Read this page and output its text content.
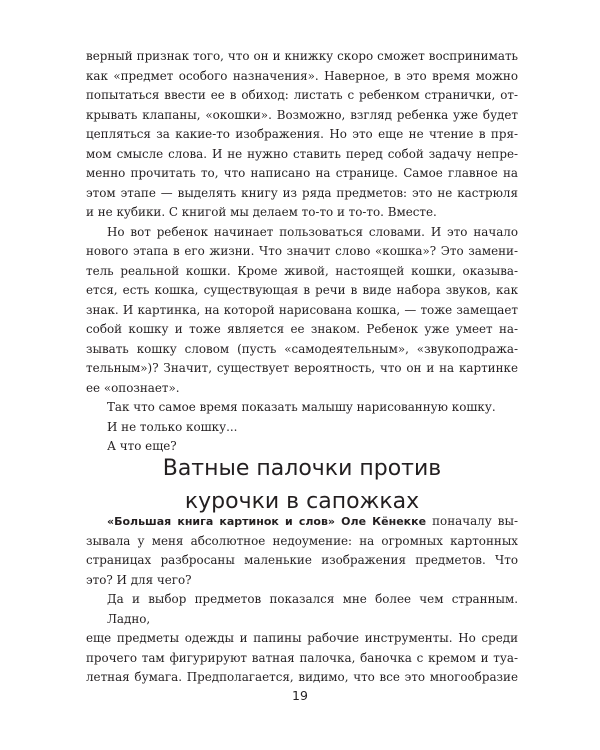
верный признак того, что он и книжку скоро сможет воспринимать
как «предмет особого назначения». Наверное, в это время можно
попытаться ввести ее в обиход: листать с ребенком странички, от-
крывать клапаны, «окошки». Возможно, взгляд ребенка уже будет
цепляться за какие-то изображения. Но это еще не чтение в пря-
мом смысле слова. И не нужно ставить перед собой задачу непре-
менно прочитать то, что написано на странице. Самое главное на
этом этапе — выделять книгу из ряда предметов: это не кастрюля
и не кубики. С книгой мы делаем то-то и то-то. Вместе.
Но вот ребенок начинает пользоваться словами. И это начало
нового этапа в его жизни. Что значит слово «кошка»? Это замени-
тель реальной кошки. Кроме живой, настоящей кошки, оказыва-
ется, есть кошка, существующая в речи в виде набора звуков, как
знак. И картинка, на которой нарисована кошка, — тоже замещает
собой кошку и тоже является ее знаком. Ребенок уже умеет на-
зывать кошку словом (пусть «самодеятельным», «звукоподража-
тельным»)? Значит, существует вероятность, что он и на картинке
ее «опознает».
Так что самое время показать малышу нарисованную кошку.
И не только кошку...
А что еще?
Ватные палочки против
курочки в сапожках
«Большая книга картинок и слов» Оле Кёнекке поначалу вы-
зывала у меня абсолютное недоумение: на огромных картонных
страницах разбросаны маленькие изображения предметов. Что
это? И для чего?
Да и выбор предметов показался мне более чем странным. Ладно,
еще предметы одежды и папины рабочие инструменты. Но среди
прочего там фигурируют ватная палочка, баночка с кремом и туа-
летная бумага. Предполагается, видимо, что все это многообразие
19
